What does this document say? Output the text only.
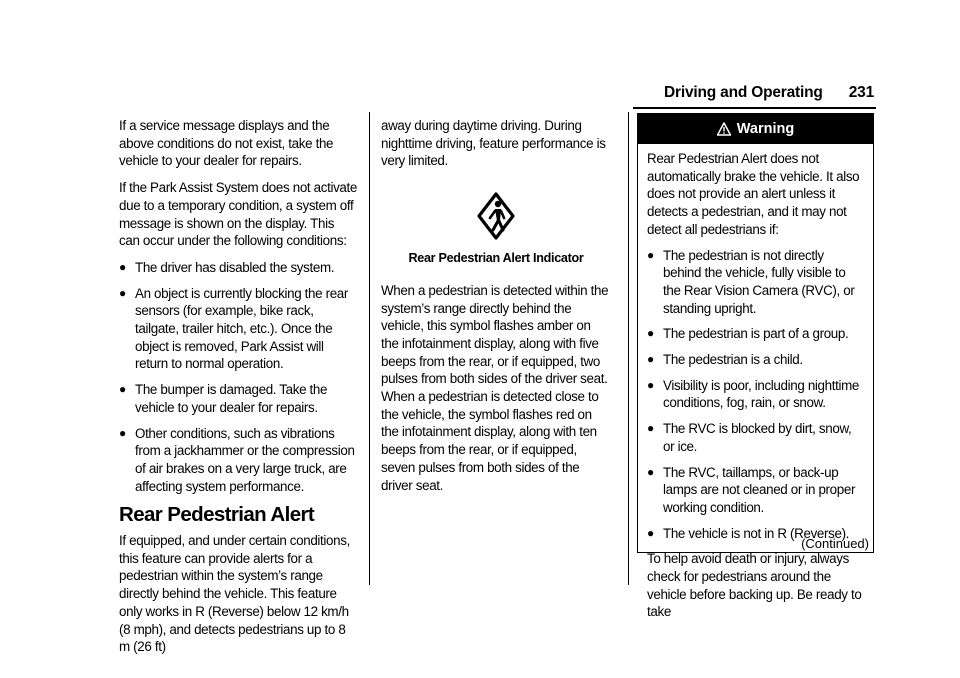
Driving and Operating 231

If a service message displays and the above conditions do not exist, take the vehicle to your dealer for repairs.

If the Park Assist System does not activate due to a temporary condition, a system off message is shown on the display. This can occur under the following conditions:

● The driver has disabled the system.
● An object is currently blocking the rear sensors (for example, bike rack, tailgate, trailer hitch, etc.). Once the object is removed, Park Assist will return to normal operation.
● The bumper is damaged. Take the vehicle to your dealer for repairs.
● Other conditions, such as vibrations from a jackhammer or the compression of air brakes on a very large truck, are affecting system performance.
Rear Pedestrian Alert

If equipped, and under certain conditions, this feature can provide alerts for a pedestrian within the system’s range directly behind the vehicle. This feature only works in R (Reverse) below 12 km/h (8 mph), and detects pedestrians up to 8 m (26 ft)

away during daytime driving. During nighttime driving, feature performance is very limited.

Rear Pedestrian Alert Indicator

When a pedestrian is detected within the system’s range directly behind the vehicle, this symbol flashes amber on the infotainment display, along with five beeps from the rear, or if equipped, two pulses from both sides of the driver seat. When a pedestrian is detected close to the vehicle, the symbol flashes red on the infotainment display, along with ten beeps from the rear, or if equipped, seven pulses from both sides of the driver seat.

Warning

Rear Pedestrian Alert does not automatically brake the vehicle. It also does not provide an alert unless it detects a pedestrian, and it may not detect all pedestrians if:

● The pedestrian is not directly behind the vehicle, fully visible to the Rear Vision Camera (RVC), or standing upright.
● The pedestrian is part of a group.
● The pedestrian is a child.
● Visibility is poor, including nighttime conditions, fog, rain, or snow.
● The RVC is blocked by dirt, snow, or ice.
● The RVC, taillamps, or back-up lamps are not cleaned or in proper working condition.
● The vehicle is not in R (Reverse).

To help avoid death or injury, always check for pedestrians around the vehicle before backing up. Be ready to take

(Continued)
